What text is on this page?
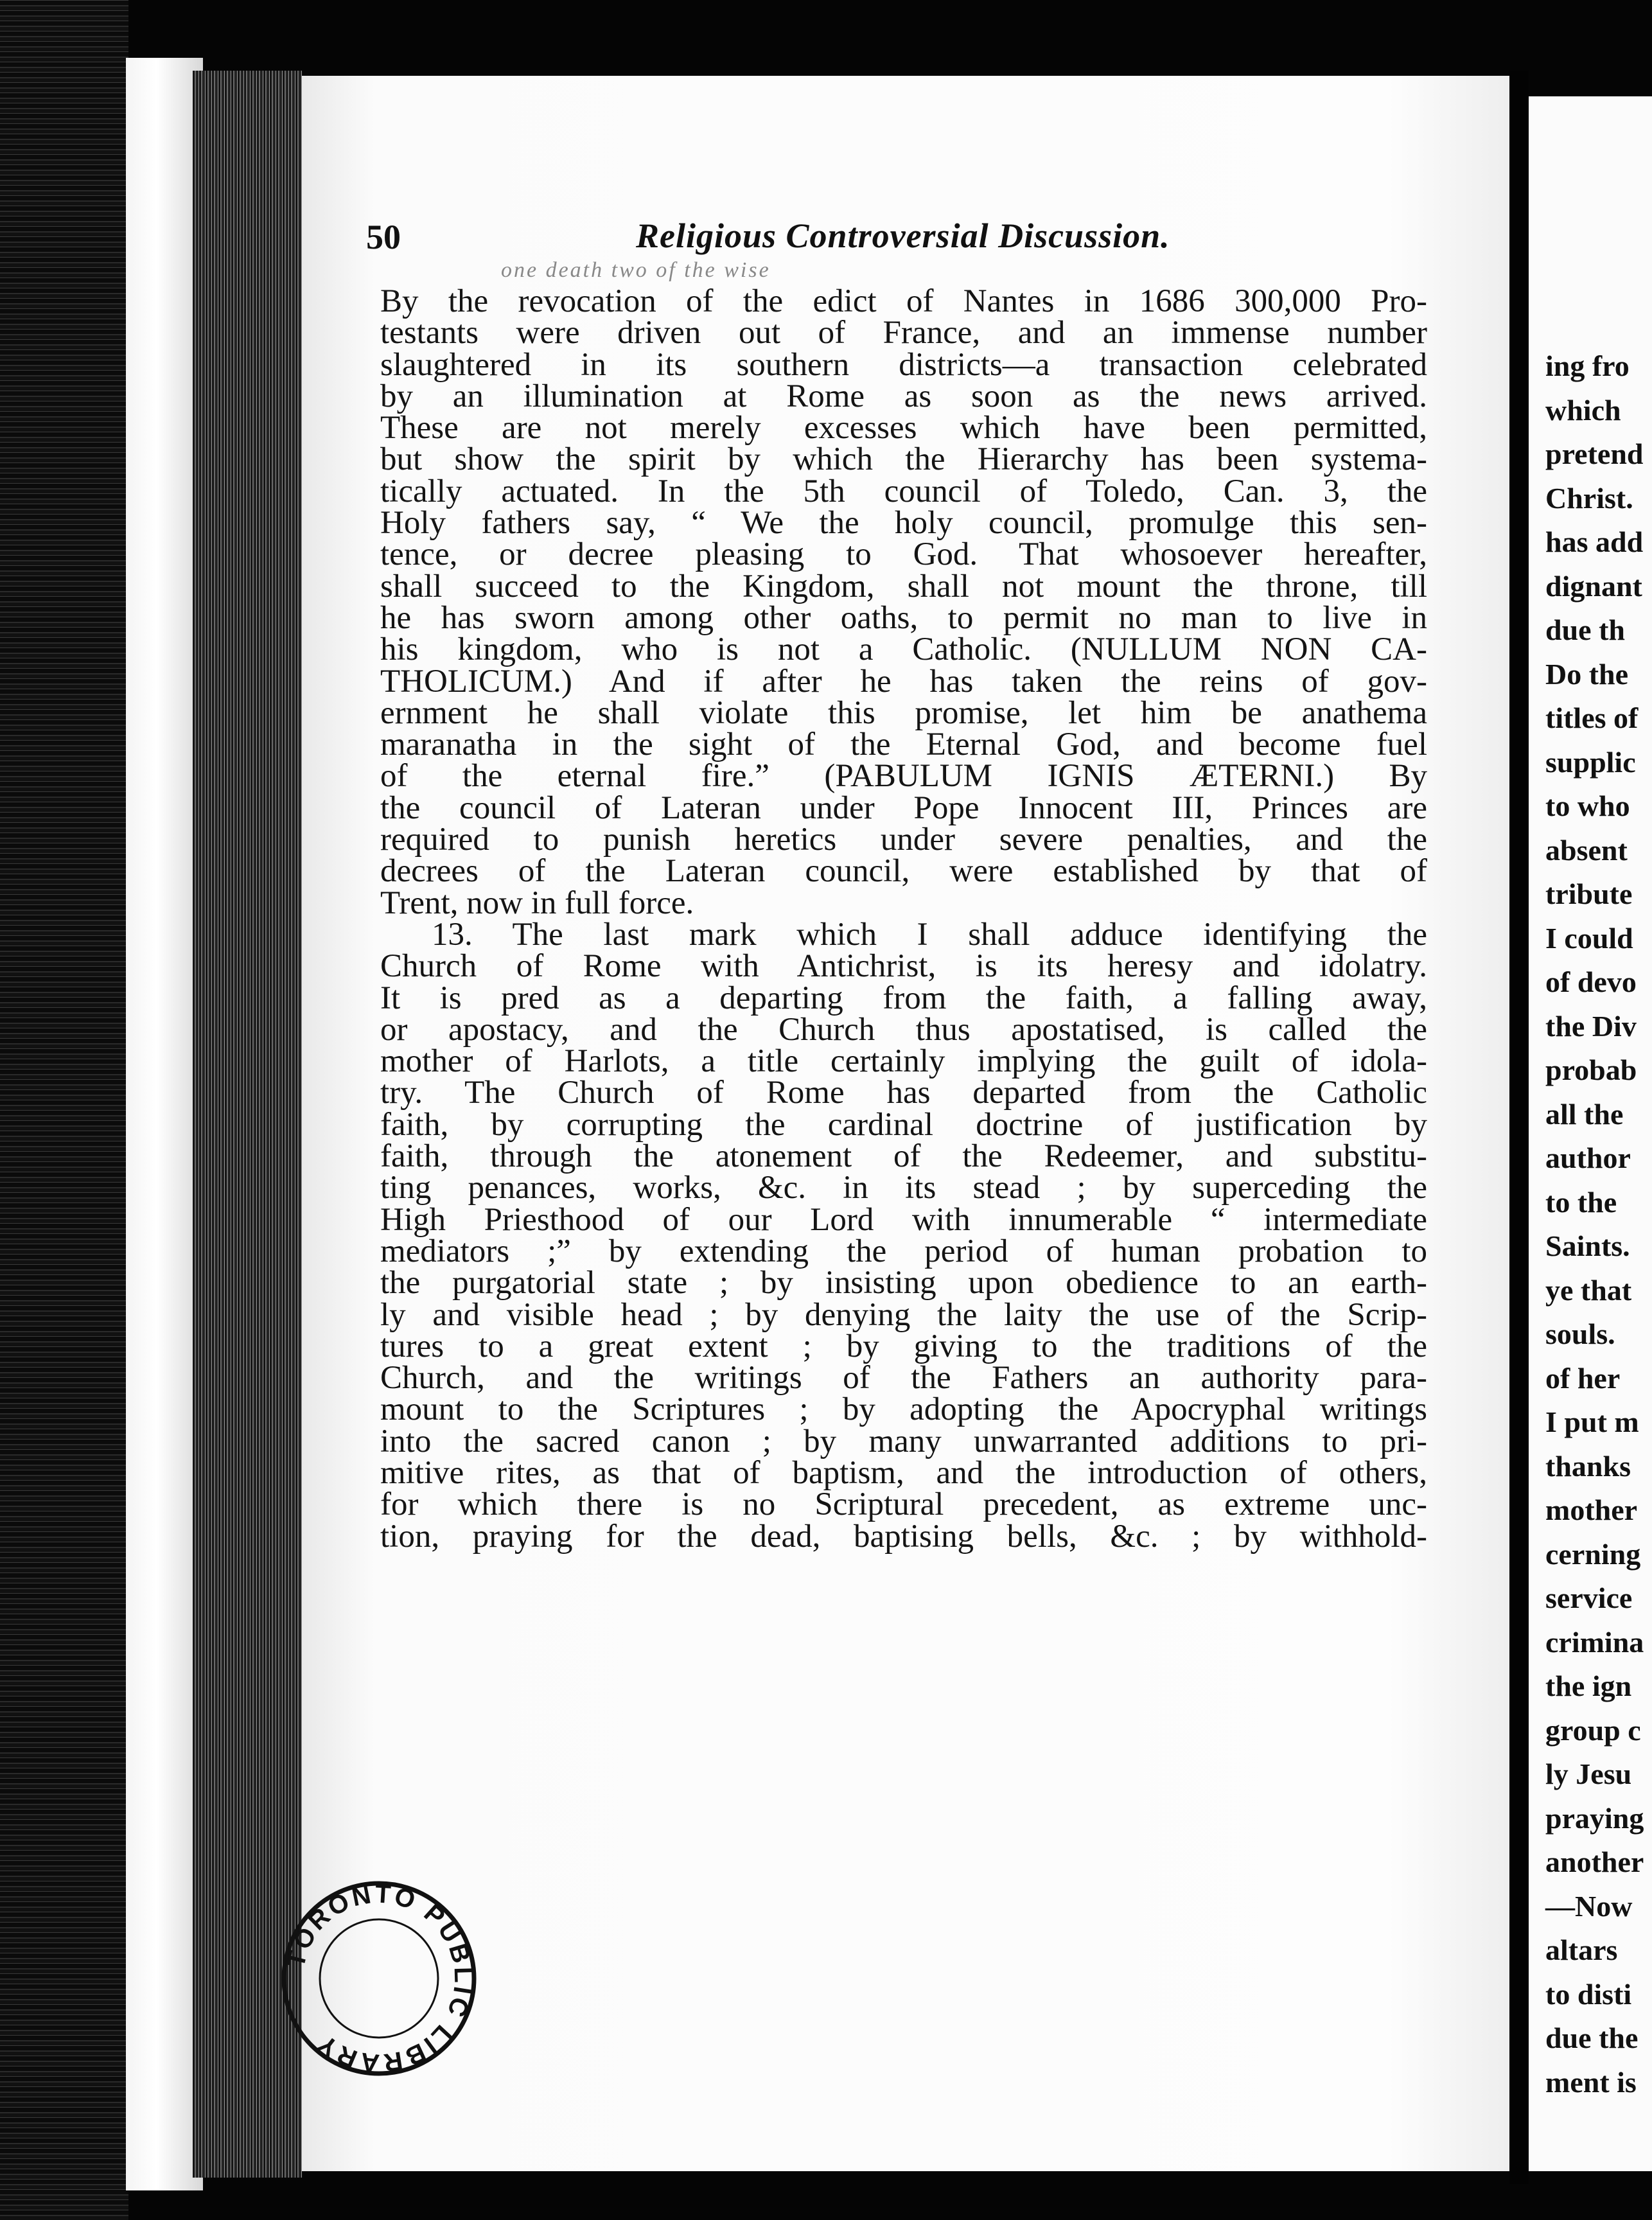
50	Religious Controversial Discussion.
one death two of the wise
By the revocation of the edict of Nantes in 1686 300,000 Pro-
testants were driven out of France, and an immense number
slaughtered in its southern districts—a transaction celebrated
by an illumination at Rome as soon as the news arrived.
These are not merely excesses which have been permitted,
but show the spirit by which the Hierarchy has been systema-
tically actuated. In the 5th council of Toledo, Can. 3, the
Holy fathers say, “ We the holy council, promulge this sen-
tence, or decree pleasing to God. That whosoever hereafter,
shall succeed to the Kingdom, shall not mount the throne, till
he has sworn among other oaths, to permit no man to live in
his kingdom, who is not a Catholic. (NULLUM NON CA-
THOLICUM.) And if after he has taken the reins of gov-
ernment he shall violate this promise, let him be anathema
maranatha in the sight of the Eternal God, and become fuel
of the eternal fire.” (PABULUM IGNIS ÆTERNI.) By
the council of Lateran under Pope Innocent III, Princes are
required to punish heretics under severe penalties, and the
decrees of the Lateran council, were established by that of
Trent, now in full force.
13. The last mark which I shall adduce identifying the
Church of Rome with Antichrist, is its heresy and idolatry.
It is pred as a departing from the faith, a falling away,
or apostacy, and the Church thus apostatised, is called the
mother of Harlots, a title certainly implying the guilt of idola-
try. The Church of Rome has departed from the Catholic
faith, by corrupting the cardinal doctrine of justification by
faith, through the atonement of the Redeemer, and substitu-
ting penances, works, &c. in its stead ; by superceding the
High Priesthood of our Lord with innumerable “ intermediate
mediators ;” by extending the period of human probation to
the purgatorial state ; by insisting upon obedience to an earth-
ly and visible head ; by denying the laity the use of the Scrip-
tures to a great extent ; by giving to the traditions of the
Church, and the writings of the Fathers an authority para-
mount to the Scriptures ; by adopting the Apocryphal writings
into the sacred canon ; by many unwarranted additions to pri-
mitive rites, as that of baptism, and the introduction of others,
for which there is no Scriptural precedent, as extreme unc-
tion, praying for the dead, baptising bells, &c. ; by withhold-
ing fro
which
pretend
Christ.
has add
dignant
due th
Do the
titles of
supplic
to who
absent
tribute
I could
of devo
the Div
probab
all the
author
to the
Saints.
ye that
souls.
of her
I put m
thanks
mother
cerning
service
crimina
the ign
group c
ly Jesu
praying
another
—Now
altars
to disti
due the
ment is
TORONTO PUBLIC LIBRARY
